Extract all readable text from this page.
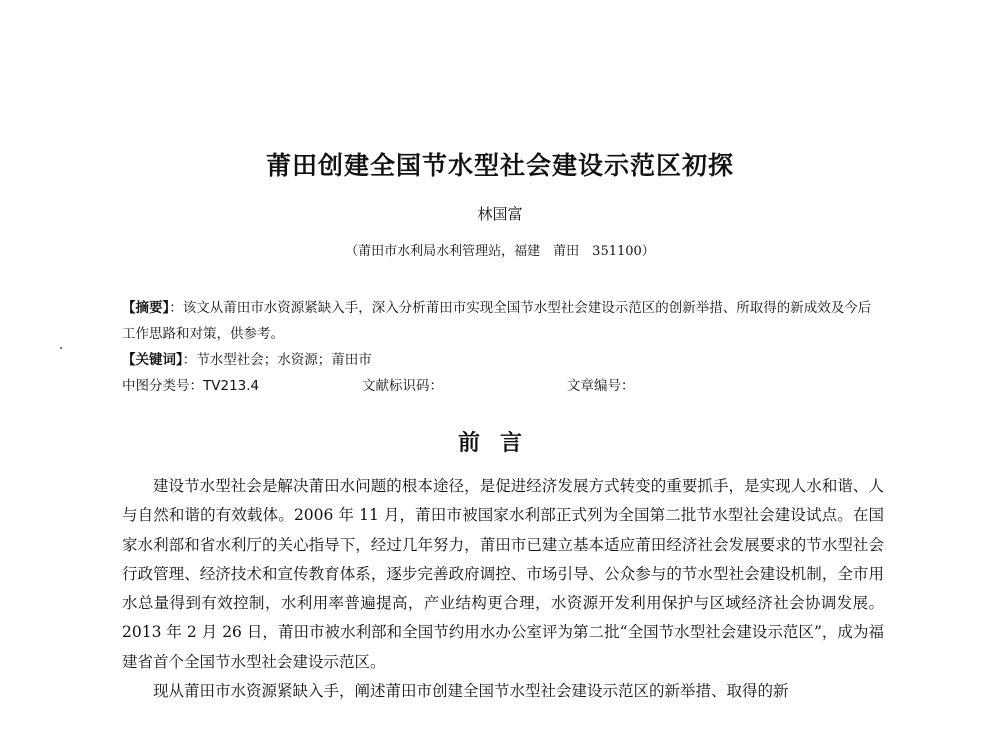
莆田创建全国节水型社会建设示范区初探
林国富
（莆田市水利局水利管理站，福建　莆田　351100）
【摘要】：该文从莆田市水资源紧缺入手，深入分析莆田市实现全国节水型社会建设示范区的创新举措、所取得的新成效及今后工作思路和对策，供参考。
【关键词】：节水型社会；水资源；莆田市
中图分类号：TV213.4	文献标识码：	文章编号：
前言

建设节水型社会是解决莆田水问题的根本途径，是促进经济发展方式转变的重要抓手，是实现人水和谐、人与自然和谐的有效载体。2006 年 11 月，莆田市被国家水利部正式列为全国第二批节水型社会建设试点。在国家水利部和省水利厅的关心指导下，经过几年努力，莆田市已建立基本适应莆田经济社会发展要求的节水型社会行政管理、经济技术和宣传教育体系，逐步完善政府调控、市场引导、公众参与的节水型社会建设机制，全市用水总量得到有效控制，水利用率普遍提高，产业结构更合理，水资源开发利用保护与区域经济社会协调发展。2013 年 2 月 26 日，莆田市被水利部和全国节约用水办公室评为第二批“全国节水型社会建设示范区”，成为福建省首个全国节水型社会建设示范区。

现从莆田市水资源紧缺入手，阐述莆田市创建全国节水型社会建设示范区的新举措、取得的新
